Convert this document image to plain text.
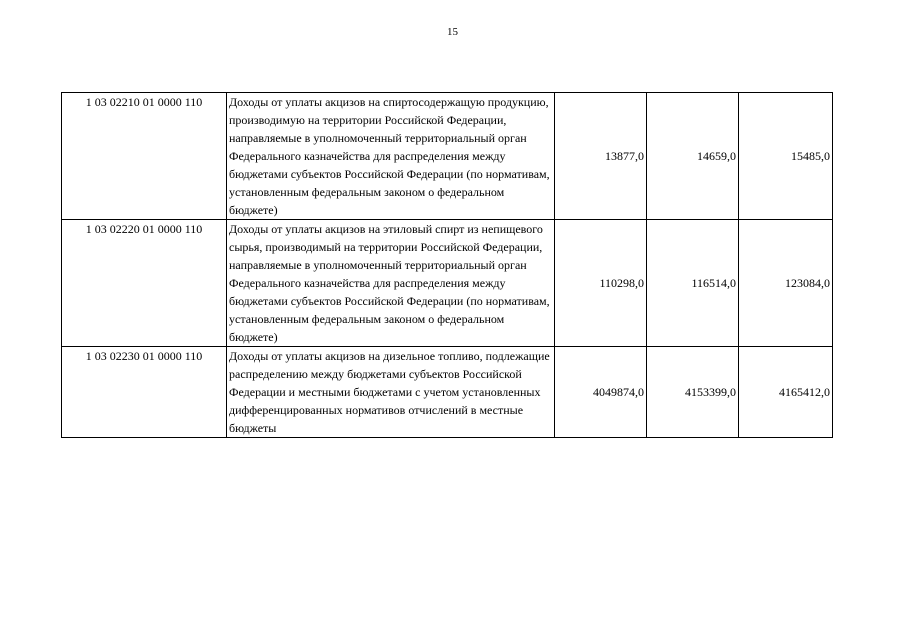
15
1 03 02210 01 0000 110	Доходы от уплаты акцизов на спиртосодержащую продукцию, производимую на территории Российской Федерации, направляемые в уполномоченный территориальный орган Федерального казначейства для распределения между бюджетами субъектов Российской Федерации (по нормативам, установленным федеральным законом о федеральном бюджете)	13877,0	14659,0	15485,0
1 03 02220 01 0000 110	Доходы от уплаты акцизов на этиловый спирт из непищевого сырья, производимый на территории Российской Федерации, направляемые в уполномоченный территориальный орган Федерального казначейства для распределения между бюджетами субъектов Российской Федерации (по нормативам, установленным федеральным законом о федеральном бюджете)	110298,0	116514,0	123084,0
1 03 02230 01 0000 110	Доходы от уплаты акцизов на дизельное топливо, подлежащие распределению между бюджетами субъектов Российской Федерации и местными бюджетами с учетом установленных дифференцированных нормативов отчислений в местные бюджеты	4049874,0	4153399,0	4165412,0
